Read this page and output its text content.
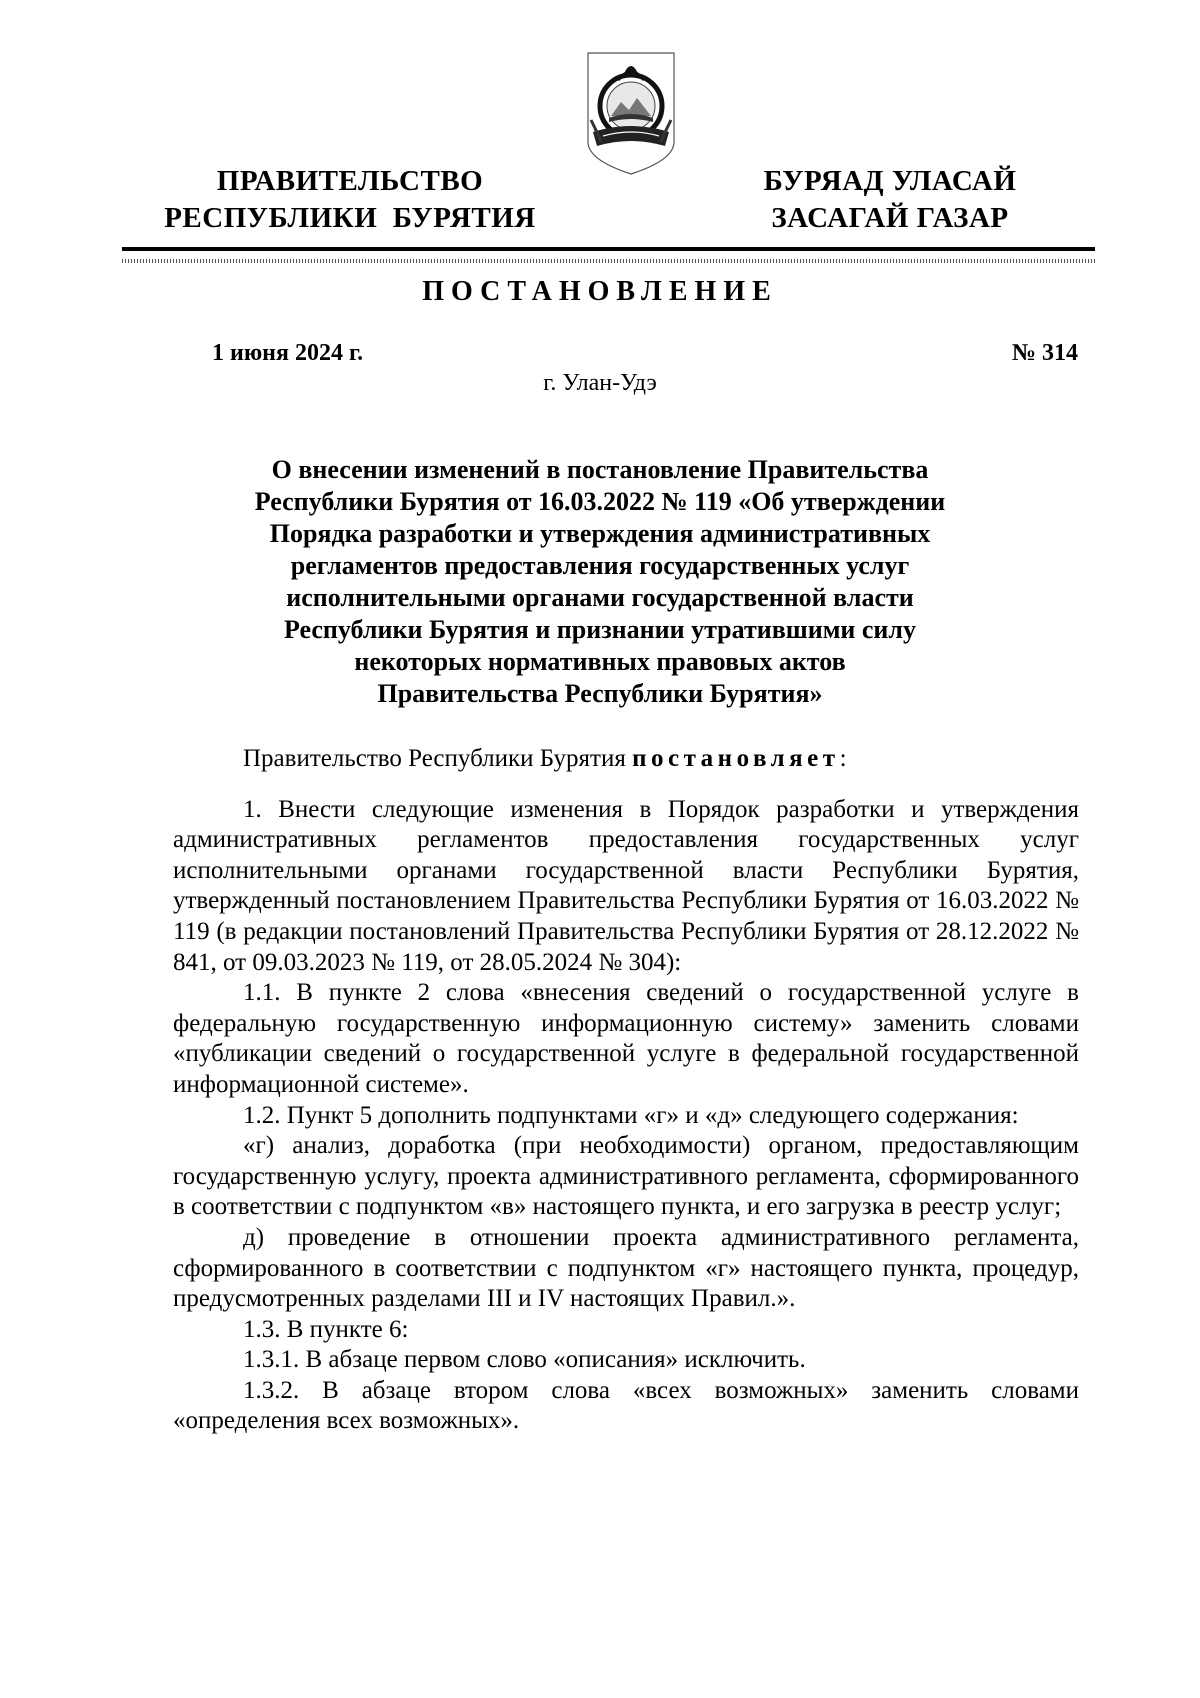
ПРАВИТЕЛЬСТВО
РЕСПУБЛИКИ  БУРЯТИЯ
БУРЯАД УЛАСАЙ
ЗАСАГАЙ ГАЗАР
ПОСТАНОВЛЕНИЕ
1 июня 2024 г.	№ 314
г. Улан-Удэ
О внесении изменений в постановление Правительства
Республики Бурятия от 16.03.2022 № 119 «Об утверждении
Порядка разработки и утверждения административных
регламентов предоставления государственных услуг
исполнительными органами государственной власти
Республики Бурятия и признании утратившими силу
некоторых нормативных правовых актов
Правительства Республики Бурятия»

Правительство Республики Бурятия постановляет:

1. Внести следующие изменения в Порядок разработки и утверждения административных регламентов предоставления государственных услуг исполнительными органами государственной власти Республики Бурятия, утвержденный постановлением Правительства Республики Бурятия от 16.03.2022 № 119 (в редакции постановлений Правительства Республики Бурятия от 28.12.2022 № 841, от 09.03.2023 № 119, от 28.05.2024 № 304):

1.1. В пункте 2 слова «внесения сведений о государственной услуге в федеральную государственную информационную систему» заменить словами «публикации сведений о государственной услуге в федеральной государственной информационной системе».

1.2. Пункт 5 дополнить подпунктами «г» и «д» следующего содержания:

«г) анализ, доработка (при необходимости) органом, предоставляющим государственную услугу, проекта административного регламента, сформированного в соответствии с подпунктом «в» настоящего пункта, и его загрузка в реестр услуг;

д) проведение в отношении проекта административного регламента, сформированного в соответствии с подпунктом «г» настоящего пункта, процедур, предусмотренных разделами III и IV настоящих Правил.».

1.3. В пункте 6:

1.3.1. В абзаце первом слово «описания» исключить.

1.3.2. В абзаце втором слова «всех возможных» заменить словами «определения всех возможных».
